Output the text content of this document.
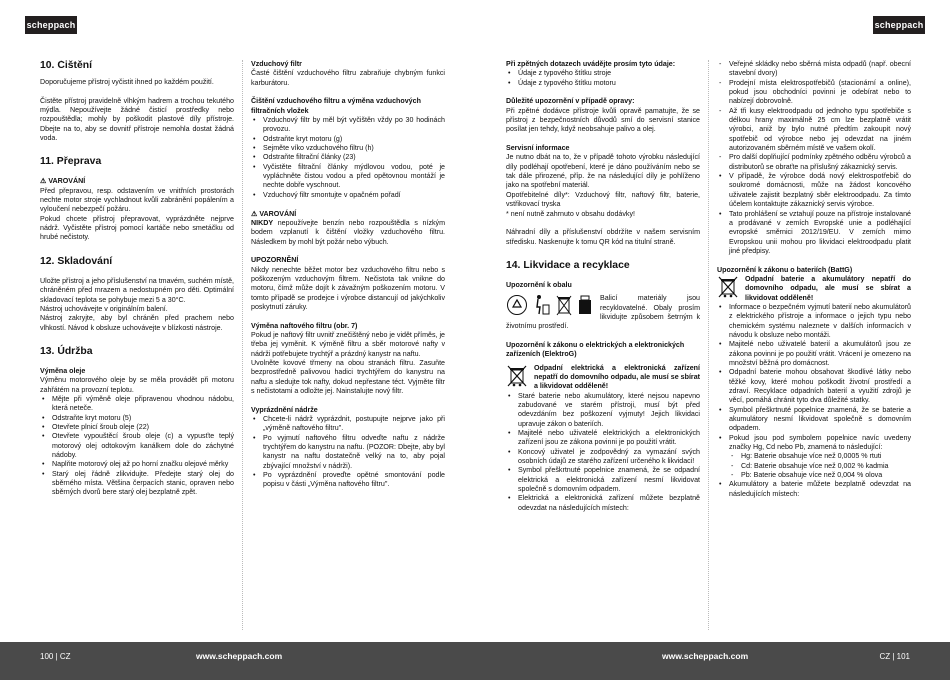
scheppach	scheppach
10. Čištění

Doporučujeme přístroj vyčistit ihned po každém použití.

Čistěte přístroj pravidelně vlhkým hadrem a trochou tekutého mýdla. Nepoužívejte žádné čisticí prostředky nebo rozpouštědla; mohly by poškodit plastové díly přístroje. Dbejte na to, aby se dovnitř přístroje nemohla dostat žádná voda.

11. Přeprava
⚠ VAROVÁNÍ

Před přepravou, resp. odstavením ve vnitřních prostorách nechte motor stroje vychladnout kvůli zabránění popálením a vyloučení nebezpečí požáru.

Pokud chcete přístroj přepravovat, vyprázdněte nejprve nádrž. Vyčistěte přístroj pomocí kartáče nebo smetáčku od hrubé nečistoty.

12. Skladování

Uložte přístroj a jeho příslušenství na tmavém, suchém místě, chráněném před mrazem a nedostupném pro děti. Optimální skladovací teplota se pohybuje mezi 5 a 30°C.

Nástroj uchovávejte v originálním balení.

Nástroj zakryjte, aby byl chráněn před prachem nebo vlhkostí. Návod k obsluze uchovávejte v blízkosti nástroje.

13. Údržba
Výměna oleje

Výměnu motorového oleje by se měla provádět při motoru zahřátém na provozní teplotu.

• Mějte při výměně oleje připravenou vhodnou nádobu, která neteče.
• Odstraňte kryt motoru (5)
• Otevřete plnicí šroub oleje (22)
• Otevřete vypouštěcí šroub oleje (c) a vypusťte teplý motorový olej odtokovým kanálkem dole do záchytné nádoby.
• Naplňte motorový olej až po horní značku olejové měrky
• Starý olej řádně zlikvidujte. Předejte starý olej do sběrného místa. Většina čerpacích stanic, opraven nebo sběrných dvorů bere starý olej bezplatně zpět.
Vzduchový filtr

Časté čištění vzduchového filtru zabraňuje chybným funkci karburátoru.

Čištění vzduchového filtru a výměna vzduchových filtračních vložek
• Vzduchový filtr by měl být vyčištěn vždy po 30 hodinách provozu.
• Odstraňte kryt motoru (g)
• Sejměte víko vzduchového filtru (h)
• Odstraňte filtrační články (23)
• Vyčistěte filtrační články mýdlovou vodou, poté je vypláchněte čistou vodou a před opětovnou montáží je nechte dobře vyschnout.
• Vzduchový filtr smontujte v opačném pořadí
⚠ VAROVÁNÍ

NIKDY nepoužívejte benzín nebo rozpouštědla s nízkým bodem vzplanutí k čištění vložky vzduchového filtru. Následkem by mohl být požár nebo výbuch.

UPOZORNĚNÍ

Nikdy nenechte běžet motor bez vzduchového filtru nebo s poškozeným vzduchovým filtrem. Nečistota tak vnikne do motoru, čímž může dojít k závažným poškozením motoru. V tomto případě se prodejce i výrobce distancují od jakýchkoliv poskytnutí záruky.

Výměna naftového filtru (obr. 7)

Pokud je naftový filtr uvnitř znečištěný nebo je vidět příměs, je třeba jej vyměnit. K výměně filtru a sběr motorové nafty v nádrži potřebujete trychtýř a prázdný kanystr na naftu.

Uvolněte kovové třmeny na obou stranách filtru. Zasuňte bezprostředně palivovou hadici trychtýřem do kanystru na naftu a sledujte tok nafty, dokud nepřestane téct. Vyjměte filtr s nečistotami a odložte jej. Nainstalujte nový filtr.

Vyprázdnění nádrže
• Chcete-li nádrž vyprázdnit, postupujte nejprve jako při „výměně naftového filtru".
• Po vyjmutí naftového filtru odveďte naftu z nádrže trychtýřem do kanystru na naftu. (POZOR: Dbejte, aby byl kanystr na naftu dostatečně velký na to, aby pojal zbývající množství v nádrži).
• Po vyprázdnění proveďte opětné smontování podle popisu v části „Výměna naftového filtru".
Při zpětných dotazech uvádějte prosím tyto údaje:
• Údaje z typového štítku stroje
• Údaje z typového štítku motoru
Důležité upozornění v případě opravy:

Při zpětné dodávce přístroje kvůli opravě pamatujte, že se přístroj z bezpečnostních důvodů smí do servisní stanice posílat jen tehdy, když neobsahuje palivo a olej.

Servisní informace

Je nutno dbát na to, že v případě tohoto výrobku následující díly podléhají opotřebení, které je dáno používáním nebo se tak dále přirozené, příp. že na následující díly je pohlíženo jako na spotřební materiál.

Opotřebitelné díly*: Vzduchový filtr, naftový filtr, baterie, vstřikovací tryska

* není nutně zahrnuto v obsahu dodávky!

Náhradní díly a příslušenství obdržíte v našem servisním středisku. Naskenujte k tomu QR kód na titulní straně.

14. Likvidace a recyklace
Upozornění k obalu

Balicí materiály jsou recyklovatelné. Obaly prosím likvidujte způsobem šetrným k životnímu prostředí.

Upozornění k zákonu o elektrických a elektronických zařízeních (ElektroG)

Odpadní elektrická a elektronická zařízení nepatří do domovního odpadu, ale musí se sbírat a likvidovat odděleně!

• Staré baterie nebo akumulátory, které nejsou napevno zabudované ve starém přístroji, musí být před odevzdáním bez poškození vyjmuty! Jejich likvidaci upravuje zákon o bateriích.
• Majitelé nebo uživatelé elektrických a elektronických zařízení jsou ze zákona povinni je po použití vrátit.
• Koncový uživatel je zodpovědný za vymazání svých osobních údajů ze starého zařízení určeného k likvidaci!
• Symbol přeškrtnuté popelnice znamená, že se odpadní elektrická a elektronická zařízení nesmí likvidovat společně s domovním odpadem.
• Elektrická a elektronická zařízení můžete bezplatně odevzdat na následujících místech:
- Veřejné skládky nebo sběrná místa odpadů (např. obecní stavební dvory)
- Prodejní místa elektrospotřebičů (stacionární a online), pokud jsou obchodníci povinni je odebírat nebo to nabízejí dobrovolně.
- Až tři kusy elektroodpadu od jednoho typu spotřebiče s délkou hrany maximálně 25 cm lze bezplatně vrátit výrobci, aniž by bylo nutné předtím zakoupit nový spotřebič od výrobce nebo jej odevzdat na jiném autorizovaném sběrném místě ve vašem okolí.
- Pro další doplňující podmínky zpětného odběru výrobců a distributorů se obraťte na příslušný zákaznický servis.
• V případě, že výrobce dodá nový elektrospotřebič do soukromé domácnosti, může na žádost koncového uživatele zajistit bezplatný sběr elektroodpadu. Za tímto účelem kontaktujte zákaznický servis výrobce.
• Tato prohlášení se vztahují pouze na přístroje instalované a prodávané v zemích Evropské unie a podléhající evropské směrnici 2012/19/EU. V zemích mimo Evropskou unii mohou pro likvidaci elektroodpadu platit jiné předpisy.
Upozornění k zákonu o bateriích (BattG)

Odpadní baterie a akumulátory nepatří do domovního odpadu, ale musí se sbírat a likvidovat odděleně!

• Informace o bezpečném vyjmutí baterií nebo akumulátorů z elektrického přístroje a informace o jejich typu nebo chemickém systému naleznete v dalších informacích v návodu k obsluze nebo montáži.
• Majitelé nebo uživatelé baterií a akumulátorů jsou ze zákona povinni je po použití vrátit. Vrácení je omezeno na množství běžná pro domácnost.
• Odpadní baterie mohou obsahovat škodlivé látky nebo těžké kovy, které mohou poškodit životní prostředí a zdraví. Recyklace odpadních baterií a využití zdrojů je věcí, pomáhá chránit tyto dva důležité statky.
• Symbol přeškrtnuté popelnice znamená, že se baterie a akumulátory nesmí likvidovat společně s domovním odpadem.
• Pokud jsou pod symbolem popelnice navíc uvedeny značky Hg, Cd nebo Pb, znamená to následující:
- Hg: Baterie obsahuje více než 0,0005 % rtuti
- Cd: Baterie obsahuje více než 0,002 % kadmia
- Pb: Baterie obsahuje více než 0,004 % olova
• Akumulátory a baterie můžete bezplatně odevzdat na následujících místech:
100 | CZ	www.scheppach.com	www.scheppach.com	CZ | 101
